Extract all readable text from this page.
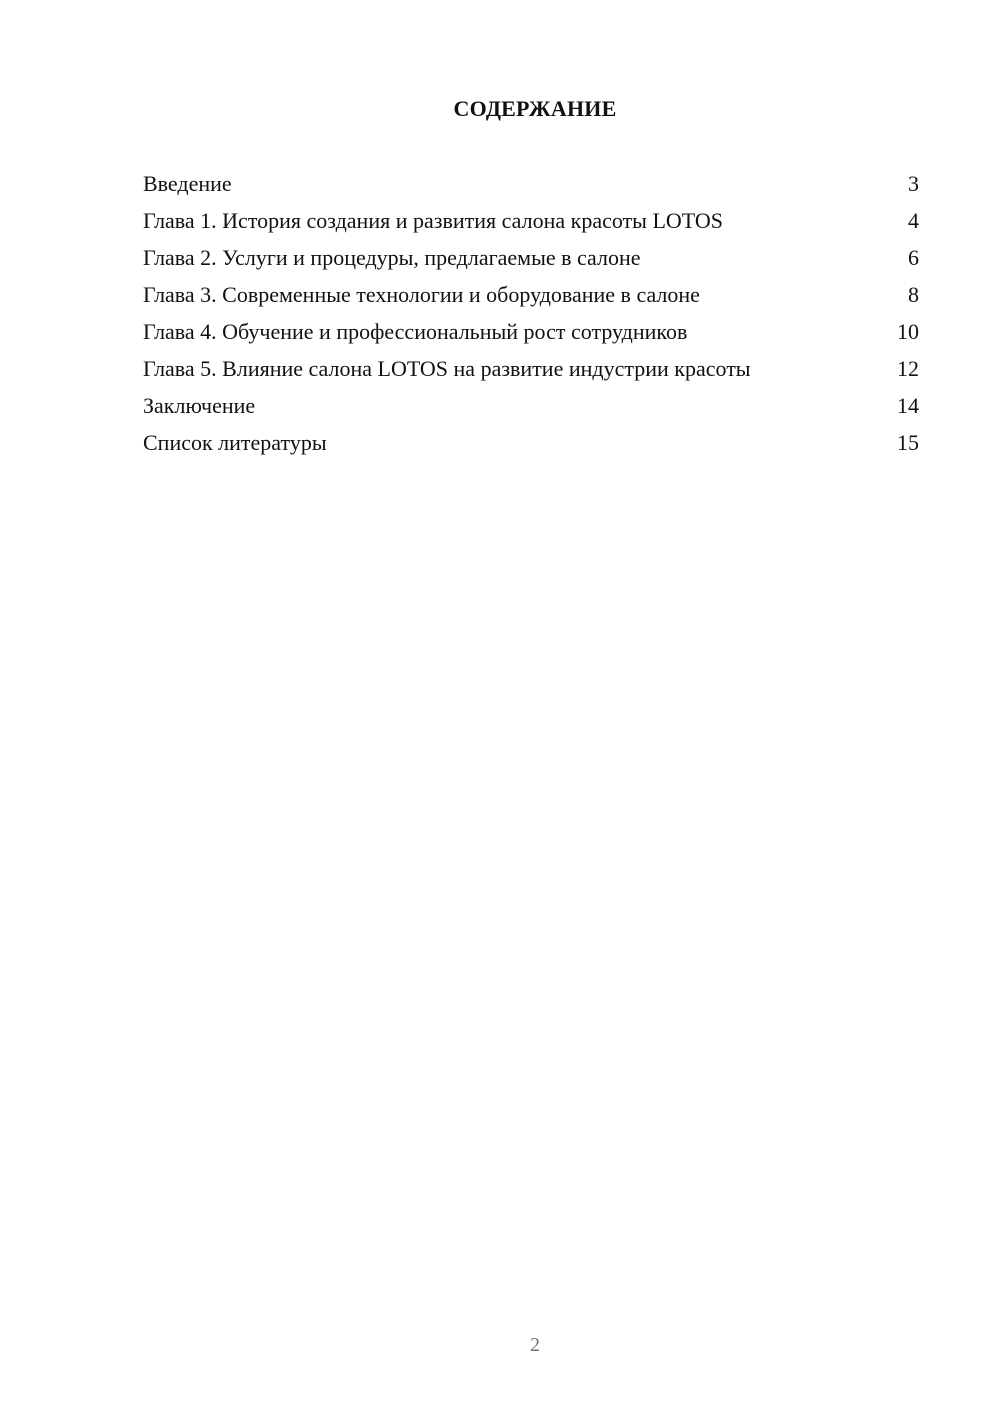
СОДЕРЖАНИЕ
Введение	3
Глава 1. История создания и развития салона красоты LOTOS	4
Глава 2. Услуги и процедуры, предлагаемые в салоне	6
Глава 3. Современные технологии и оборудование в салоне	8
Глава 4. Обучение и профессиональный рост сотрудников	10
Глава 5. Влияние салона LOTOS на развитие индустрии красоты	12
Заключение	14
Список литературы	15
2
